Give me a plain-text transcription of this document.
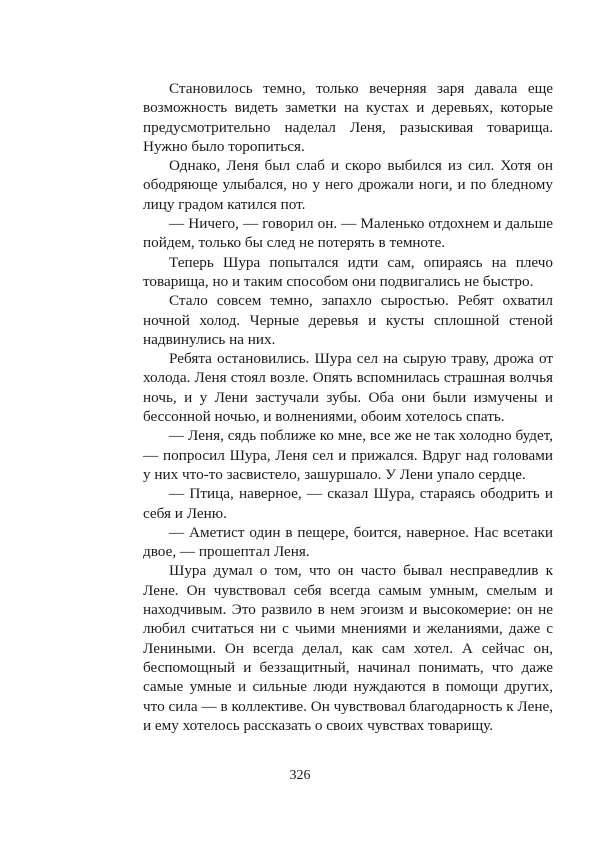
Становилось темно, только вечерняя заря давала еще возможность видеть заметки на кустах и деревьях, которые предусмотрительно наделал Леня, разыскивая товарища. Нужно было торопиться.

Однако, Леня был слаб и скоро выбился из сил. Хотя он ободряюще улыбался, но у него дрожали ноги, и по бледному лицу градом катился пот.

— Ничего, — говорил он. — Маленько отдохнем и дальше пойдем, только бы след не потерять в темноте.

Теперь Шура попытался идти сам, опираясь на плечо товарища, но и таким способом они подвигались не быстро.

Стало совсем темно, запахло сыростью. Ребят охватил ночной холод. Черные деревья и кусты сплошной стеной надвинулись на них.

Ребята остановились. Шура сел на сырую траву, дрожа от холода. Леня стоял возле. Опять вспомнилась страшная волчья ночь, и у Лени застучали зубы. Оба они были измучены и бессонной ночью, и волнениями, обоим хотелось спать.

— Леня, сядь поближе ко мне, все же не так холодно будет, — попросил Шура, Леня сел и прижался. Вдруг над головами у них что-то засвистело, зашуршало. У Лени упало сердце.

— Птица, наверное, — сказал Шура, стараясь ободрить и себя и Леню.

— Аметист один в пещере, боится, наверное. Нас всетаки двое, — прошептал Леня.

Шура думал о том, что он часто бывал несправедлив к Лене. Он чувствовал себя всегда самым умным, смелым и находчивым. Это развило в нем эгоизм и высокомерие: он не любил считаться ни с чьими мнениями и желаниями, даже с Лениными. Он всегда делал, как сам хотел. А сейчас он, беспомощный и беззащитный, начинал понимать, что даже самые умные и сильные люди нуждаются в помощи других, что сила — в коллективе. Он чувствовал благодарность к Лене, и ему хотелось рассказать о своих чувствах товарищу.

326
